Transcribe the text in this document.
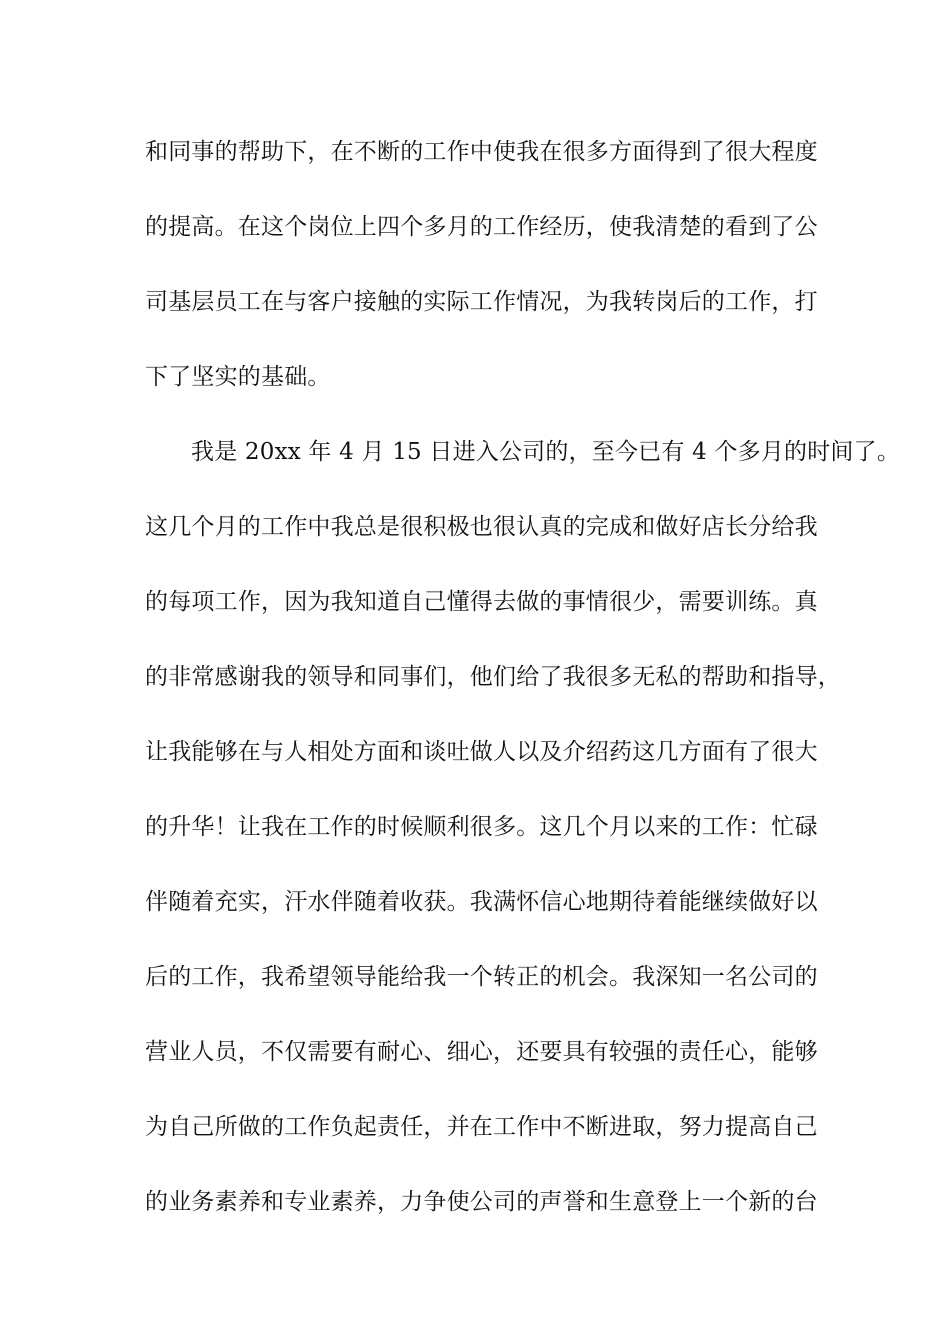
和同事的帮助下，在不断的工作中使我在很多方面得到了很大程度
的提高。在这个岗位上四个多月的工作经历，使我清楚的看到了公
司基层员工在与客户接触的实际工作情况，为我转岗后的工作，打
下了坚实的基础。
我是 20xx 年 4 月 15 日进入公司的，至今已有 4 个多月的时间了。
这几个月的工作中我总是很积极也很认真的完成和做好店长分给我
的每项工作，因为我知道自己懂得去做的事情很少，需要训练。真
的非常感谢我的领导和同事们，他们给了我很多无私的帮助和指导，
让我能够在与人相处方面和谈吐做人以及介绍药这几方面有了很大
的升华！让我在工作的时候顺利很多。这几个月以来的工作：忙碌
伴随着充实，汗水伴随着收获。我满怀信心地期待着能继续做好以
后的工作，我希望领导能给我一个转正的机会。我深知一名公司的
营业人员，不仅需要有耐心、细心，还要具有较强的责任心，能够
为自己所做的工作负起责任，并在工作中不断进取，努力提高自己
的业务素养和专业素养，力争使公司的声誉和生意登上一个新的台
